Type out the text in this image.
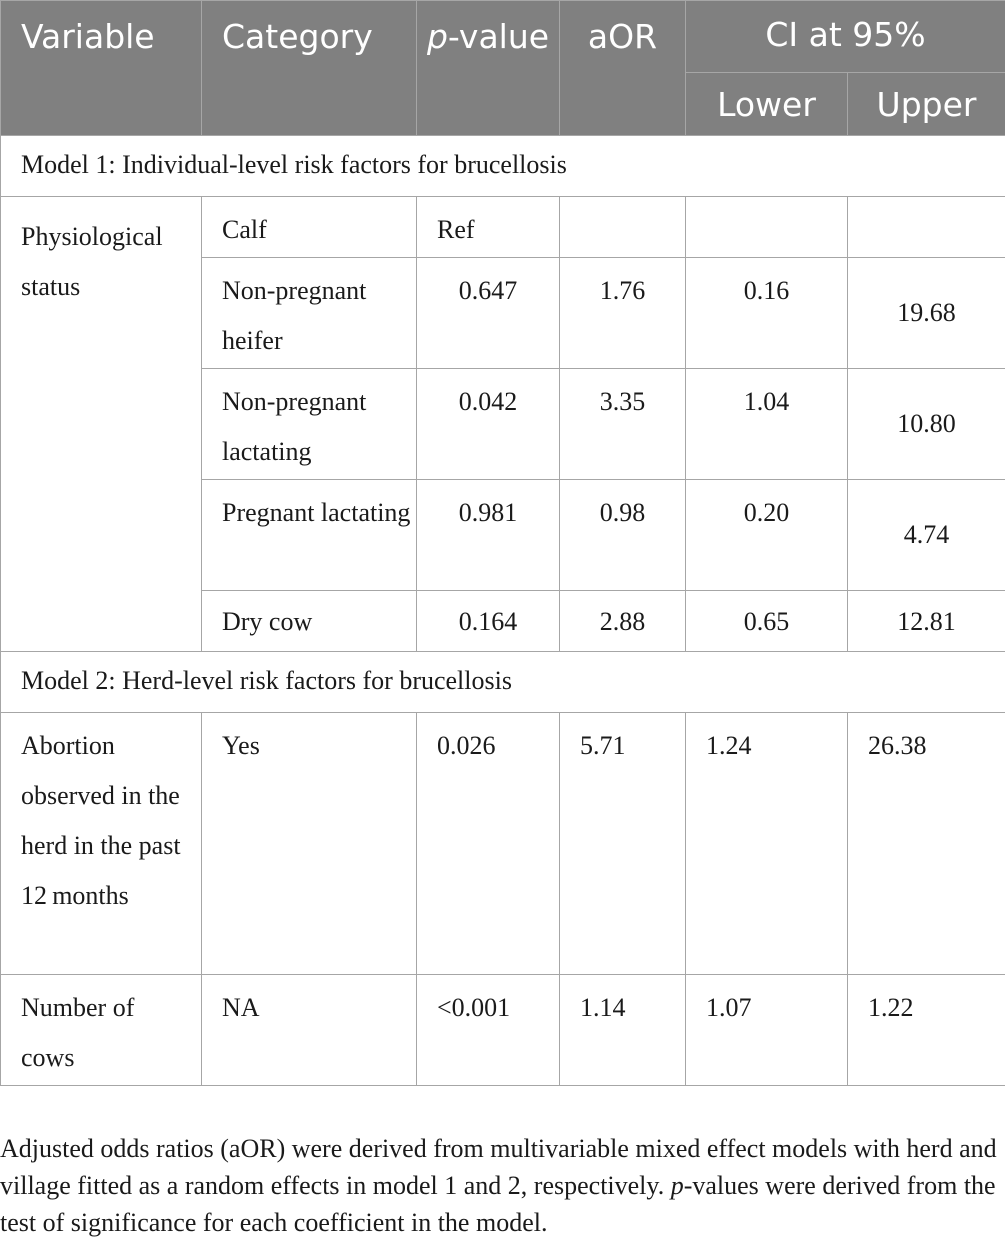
Variable	Category	p-value	aOR	CI at 95%	
				Lower	Upper
Model 1: Individual-level risk factors for brucellosis					
Physiological status	Calf	Ref			
	Non-pregnant heifer	0.647	1.76	0.16	19.68
	Non-pregnant lactating	0.042	3.35	1.04	10.80
	Pregnant lactating	0.981	0.98	0.20	4.74
	Dry cow	0.164	2.88	0.65	12.81
Model 2: Herd-level risk factors for brucellosis					
Abortion observed in the herd in the past 12 months	Yes	0.026	5.71	1.24	26.38
Number of cows	NA	<0.001	1.14	1.07	1.22
Adjusted odds ratios (aOR) were derived from multivariable mixed effect models with herd and village fitted as a random effects in model 1 and 2, respectively. p-values were derived from the test of significance for each coefficient in the model.
